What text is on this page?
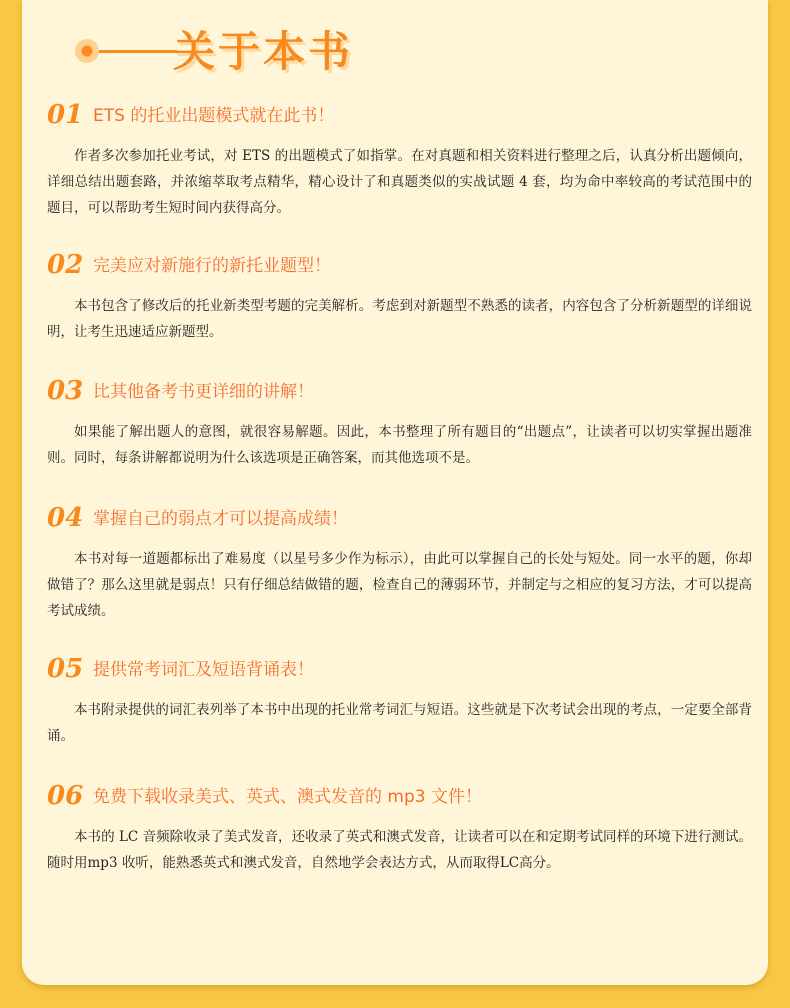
关于本书
01 ETS 的托业出题模式就在此书！

作者多次参加托业考试，对 ETS 的出题模式了如指掌。在对真题和相关资料进行整理之后，认真分析出题倾向，详细总结出题套路，并浓缩萃取考点精华，精心设计了和真题类似的实战试题 4 套，均为命中率较高的考试范围中的题目，可以帮助考生短时间内获得高分。

02 完美应对新施行的新托业题型！

本书包含了修改后的托业新类型考题的完美解析。考虑到对新题型不熟悉的读者，内容包含了分析新题型的详细说明，让考生迅速适应新题型。

03 比其他备考书更详细的讲解！

如果能了解出题人的意图，就很容易解题。因此，本书整理了所有题目的“出题点”，让读者可以切实掌握出题准则。同时，每条讲解都说明为什么该选项是正确答案，而其他选项不是。

04 掌握自己的弱点才可以提高成绩！

本书对每一道题都标出了难易度（以星号多少作为标示），由此可以掌握自己的长处与短处。同一水平的题，你却做错了？那么这里就是弱点！只有仔细总结做错的题，检查自己的薄弱环节，并制定与之相应的复习方法，才可以提高考试成绩。

05 提供常考词汇及短语背诵表！

本书附录提供的词汇表列举了本书中出现的托业常考词汇与短语。这些就是下次考试会出现的考点，一定要全部背诵。

06 免费下载收录美式、英式、澳式发音的 mp3 文件！

本书的 LC 音频除收录了美式发音，还收录了英式和澳式发音，让读者可以在和定期考试同样的环境下进行测试。随时用mp3 收听，能熟悉英式和澳式发音，自然地学会表达方式，从而取得LC高分。
